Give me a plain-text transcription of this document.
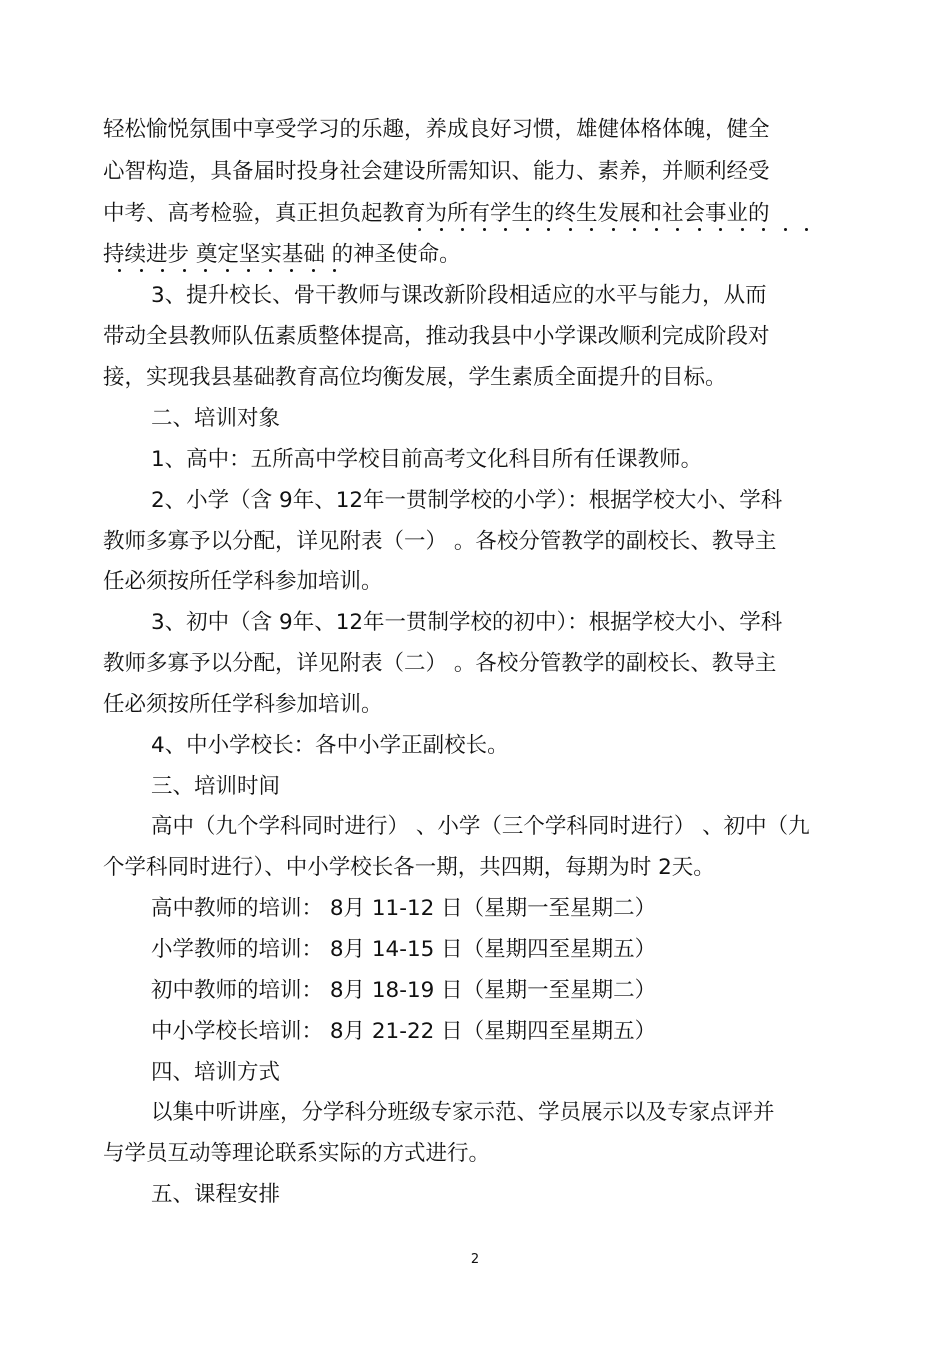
轻松愉悦氛围中享受学习的乐趣，养成良好习惯，雄健体格体魄，健全
心智构造，具备届时投身社会建设所需知识、能力、素养，并顺利经受
中考、高考检验，真正担负起教育为所有学生的终生发展和社会事业的
持续进步 奠定坚实基础 的神圣使命。
3、提升校长、骨干教师与课改新阶段相适应的水平与能力，从而
带动全县教师队伍素质整体提高，推动我县中小学课改顺利完成阶段对
接，实现我县基础教育高位均衡发展，学生素质全面提升的目标。
二、培训对象
1、高中：五所高中学校目前高考文化科目所有任课教师。
2、小学（含 9年、12年一贯制学校的小学）：根据学校大小、学科
教师多寡予以分配，详见附表（一） 。各校分管教学的副校长、教导主
任必须按所任学科参加培训。
3、初中（含 9年、12年一贯制学校的初中）：根据学校大小、学科
教师多寡予以分配，详见附表（二） 。各校分管教学的副校长、教导主
任必须按所任学科参加培训。
4、中小学校长：各中小学正副校长。
三、培训时间
高中（九个学科同时进行） 、小学（三个学科同时进行） 、初中（九
个学科同时进行）、中小学校长各一期，共四期，每期为时 2天。
高中教师的培训： 8月 11-12 日（星期一至星期二）
小学教师的培训： 8月 14-15 日（星期四至星期五）
初中教师的培训： 8月 18-19 日（星期一至星期二）
中小学校长培训： 8月 21-22 日（星期四至星期五）
四、培训方式
以集中听讲座，分学科分班级专家示范、学员展示以及专家点评并
与学员互动等理论联系实际的方式进行。
五、课程安排
2
